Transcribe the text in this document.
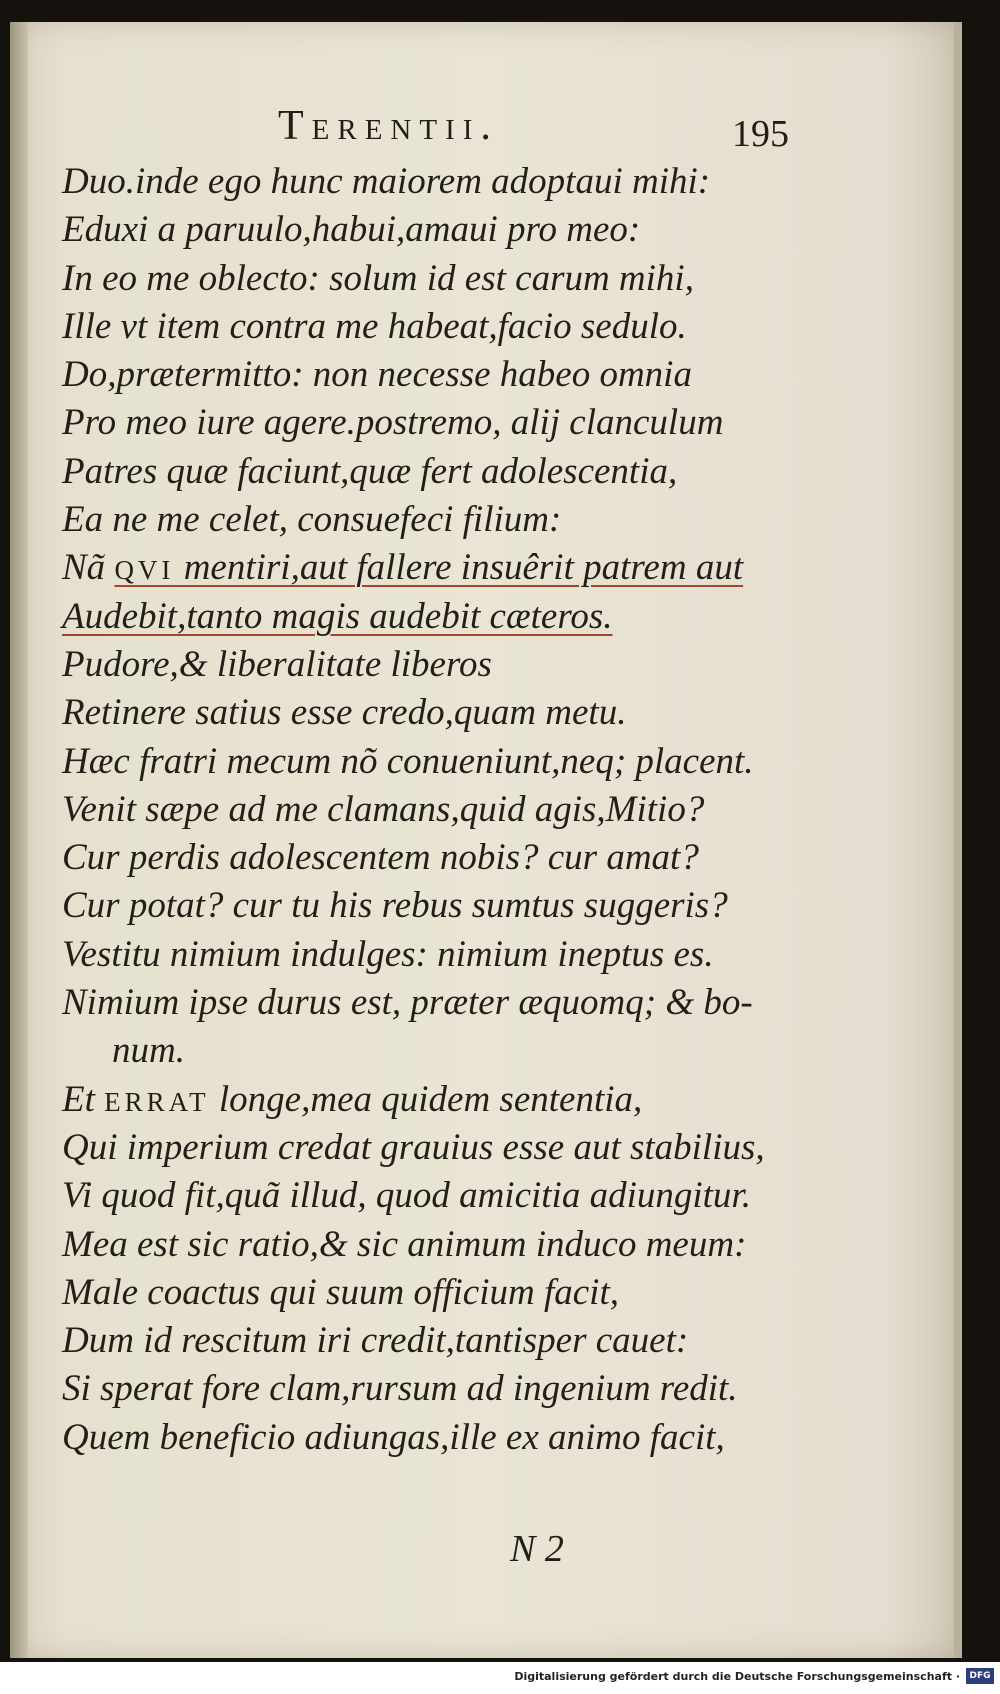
Terentii.	195
Duo.inde ego hunc maiorem adoptaui mihi:
Eduxi a paruulo,habui,amaui pro meo:
In eo me oblecto: solum id est carum mihi,
Ille vt item contra me habeat,facio sedulo.
Do,prætermitto: non necesse habeo omnia
Pro meo iure agere.postremo, alij clanculum
Patres quæ faciunt,quæ fert adolescentia,
Ea ne me celet, consuefeci filium:
Nã QVI mentiri,aut fallere insuêrit patrem aut
Audebit,tanto magis audebit cæteros.
Pudore,& liberalitate liberos
Retinere satius esse credo,quam metu.
Hæc fratri mecum nõ conueniunt,neq; placent.
Venit sæpe ad me clamans,quid agis,Mitio?
Cur perdis adolescentem nobis? cur amat?
Cur potat? cur tu his rebus sumtus suggeris?
Vestitu nimium indulges: nimium ineptus es.
Nimium ipse durus est, præter æquomq; & bo-
num.
Et ERRAT longe,mea quidem sententia,
Qui imperium credat grauius esse aut stabilius,
Vi quod fit,quã illud, quod amicitia adiungitur.
Mea est sic ratio,& sic animum induco meum:
Male coactus qui suum officium facit,
Dum id rescitum iri credit,tantisper cauet:
Si sperat fore clam,rursum ad ingenium redit.
Quem beneficio adiungas,ille ex animo facit,
N 2
Digitalisierung gefördert durch die Deutsche Forschungsgemeinschaft ·	DFG
